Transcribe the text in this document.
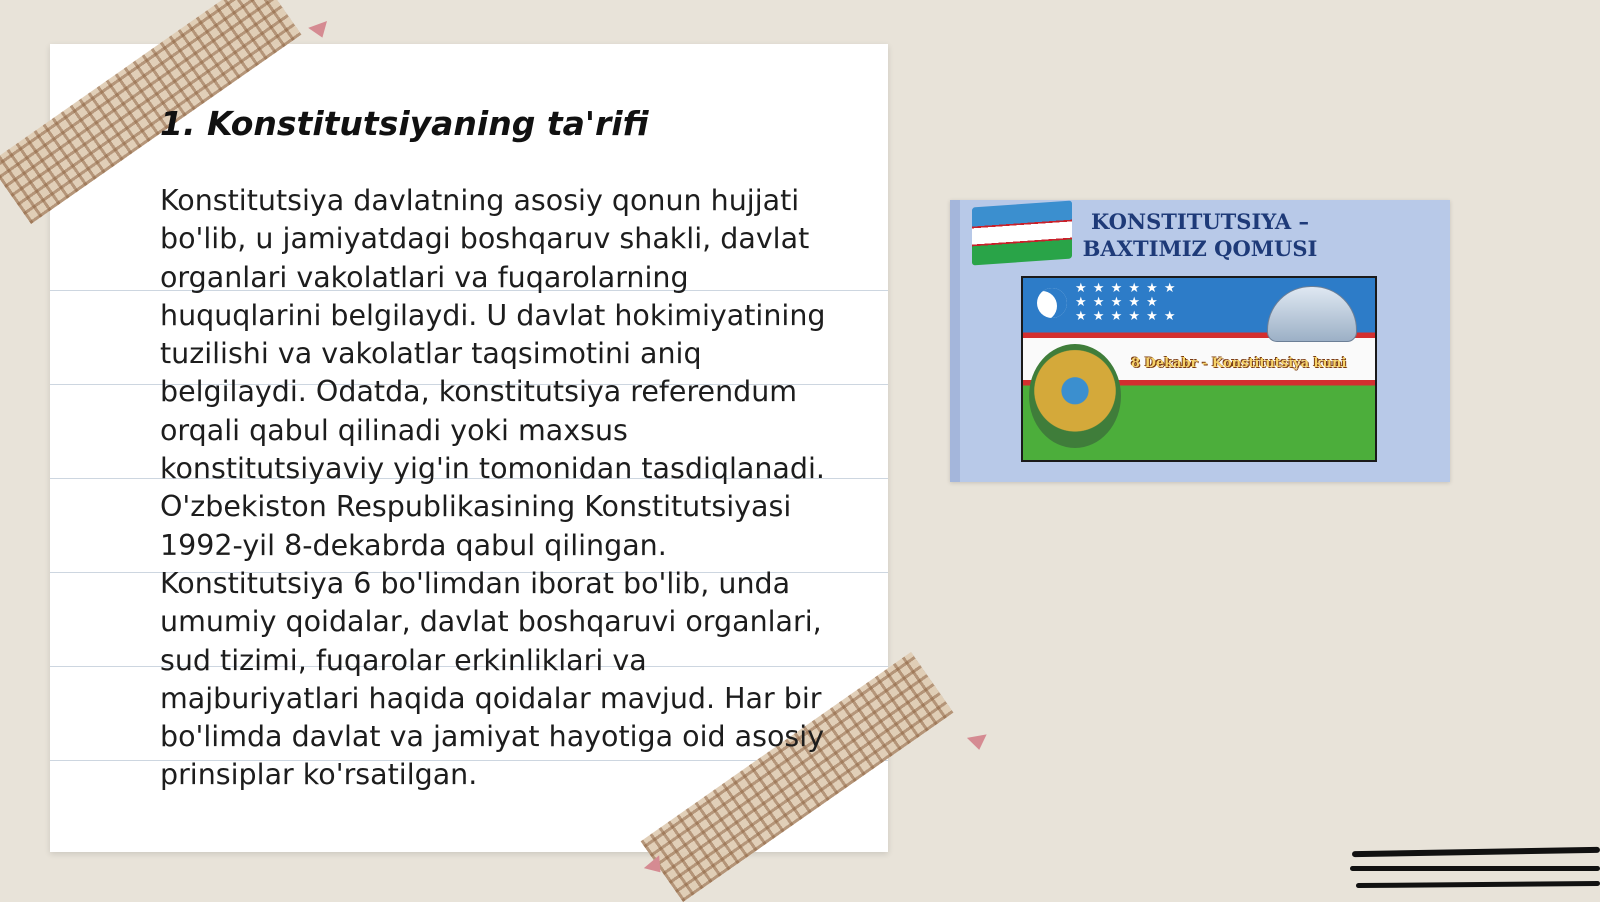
1. Konstitutsiyaning ta'rifi

Konstitutsiya davlatning asosiy qonun hujjati bo'lib, u jamiyatdagi boshqaruv shakli, davlat organlari vakolatlari va fuqarolarning huquqlarini belgilaydi. U davlat hokimiyatining tuzilishi va vakolatlar taqsimotini aniq belgilaydi. Odatda, konstitutsiya referendum orqali qabul qilinadi yoki maxsus konstitutsiyaviy yig'in tomonidan tasdiqlanadi. O'zbekiston Respublikasining Konstitutsiyasi 1992-yil 8-dekabrda qabul qilingan. Konstitutsiya 6 bo'limdan iborat bo'lib, unda umumiy qoidalar, davlat boshqaruvi organlari, sud tizimi, fuqarolar erkinliklari va majburiyatlari haqida qoidalar mavjud. Har bir bo'limda davlat va jamiyat hayotiga oid asosiy prinsiplar ko'rsatilgan.

KONSTITUTSIYA – BAXTIMIZ QOMUSI

★ ★ ★ ★ ★ ★
★ ★ ★ ★ ★
★ ★ ★ ★ ★ ★

8 Dekabr - Konstitutsiya kuni
